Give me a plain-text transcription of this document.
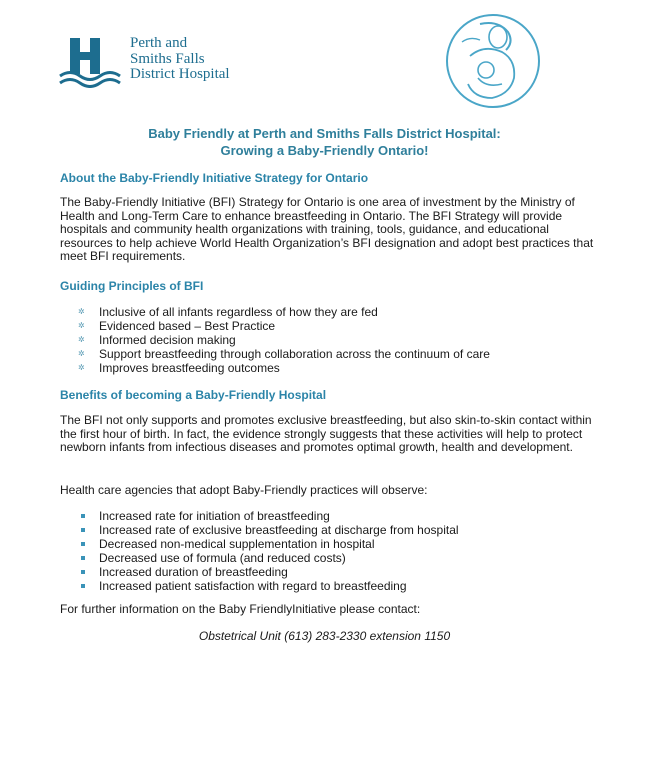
Perth and
Smiths Falls
District Hospital
Baby Friendly at Perth and Smiths Falls District Hospital:
Growing a Baby-Friendly Ontario!
About the Baby-Friendly Initiative Strategy for Ontario

The Baby-Friendly Initiative (BFI) Strategy for Ontario is one area of investment by the Ministry of Health and Long-Term Care to enhance breastfeeding in Ontario. The BFI Strategy will provide hospitals and community health organizations with training, tools, guidance, and educational resources to help achieve World Health Organization’s BFI designation and adopt best practices that meet BFI requirements.

Guiding Principles of BFI
✲ Inclusive of all infants regardless of how they are fed
✲ Evidenced based – Best Practice
✲ Informed decision making
✲ Support breastfeeding through collaboration across the continuum of care
✲ Improves breastfeeding outcomes
Benefits of becoming a Baby-Friendly Hospital

The BFI not only supports and promotes exclusive breastfeeding, but also skin-to-skin contact within the first hour of birth. In fact, the evidence strongly suggests that these activities will help to protect newborn infants from infectious diseases and promotes optimal growth, health and development.

Health care agencies that adopt Baby-Friendly practices will observe:

Increased rate for initiation of breastfeeding
Increased rate of exclusive breastfeeding at discharge from hospital
Decreased non-medical supplementation in hospital
Decreased use of formula (and reduced costs)
Increased duration of breastfeeding
Increased patient satisfaction with regard to breastfeeding

For further information on the Baby FriendlyInitiative please contact:

Obstetrical Unit (613) 283-2330 extension 1150
